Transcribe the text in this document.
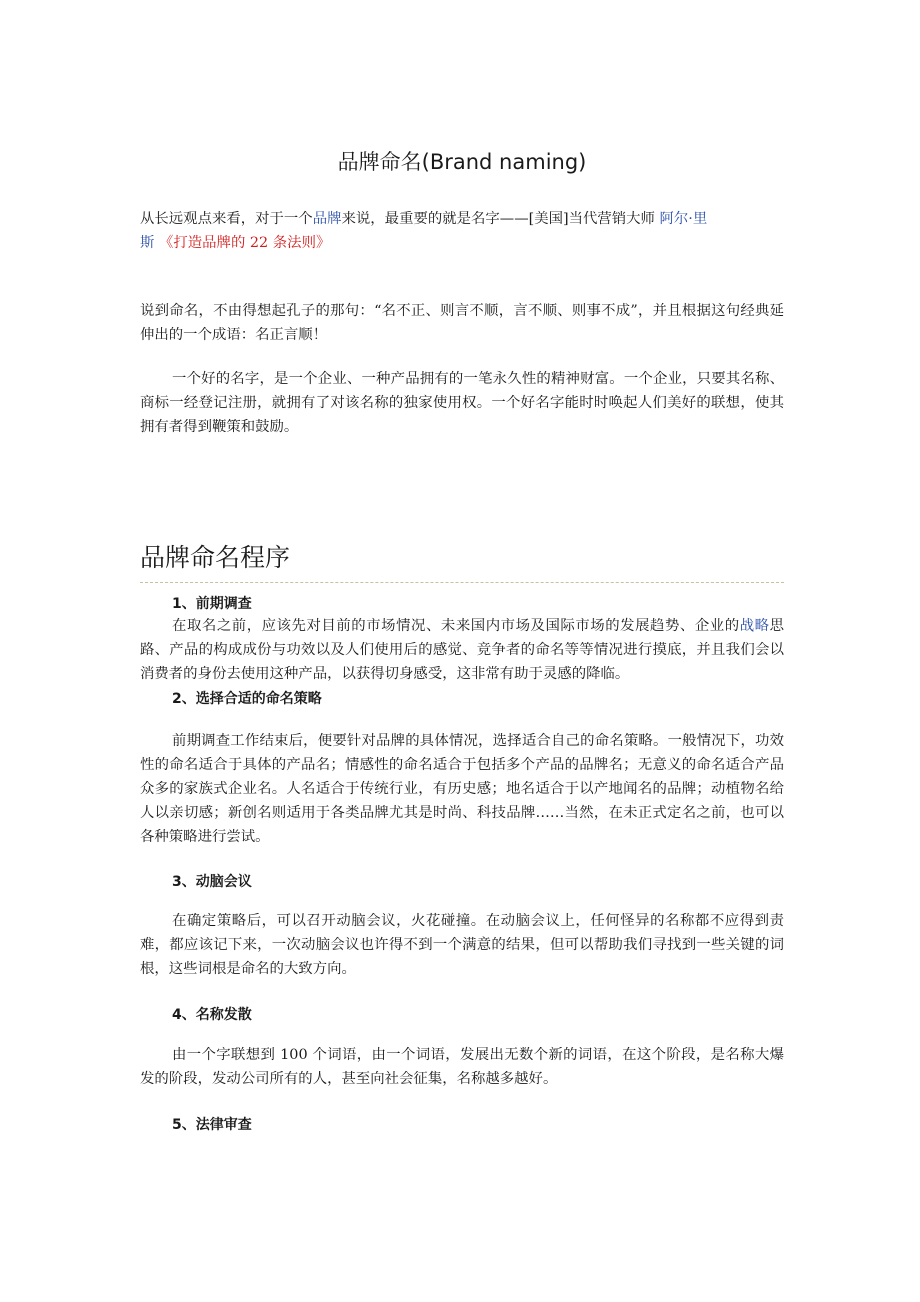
品牌命名(Brand naming)

从长远观点来看，对于一个品牌来说，最重要的就是名字——[美国]当代营销大师 阿尔·里
斯 《打造品牌的 22 条法则》

说到命名，不由得想起孔子的那句：“名不正、则言不顺，言不顺、则事不成”，并且根据这句经典延伸出的一个成语：名正言顺！

一个好的名字，是一个企业、一种产品拥有的一笔永久性的精神财富。一个企业，只要其名称、商标一经登记注册，就拥有了对该名称的独家使用权。一个好名字能时时唤起人们美好的联想，使其拥有者得到鞭策和鼓励。

品牌命名程序
1、前期调查

在取名之前，应该先对目前的市场情况、未来国内市场及国际市场的发展趋势、企业的战略思路、产品的构成成份与功效以及人们使用后的感觉、竞争者的命名等等情况进行摸底，并且我们会以消费者的身份去使用这种产品，以获得切身感受，这非常有助于灵感的降临。

2、选择合适的命名策略

前期调查工作结束后，便要针对品牌的具体情况，选择适合自己的命名策略。一般情况下，功效性的命名适合于具体的产品名；情感性的命名适合于包括多个产品的品牌名；无意义的命名适合产品众多的家族式企业名。人名适合于传统行业，有历史感；地名适合于以产地闻名的品牌；动植物名给人以亲切感；新创名则适用于各类品牌尤其是时尚、科技品牌……当然，在未正式定名之前，也可以各种策略进行尝试。

3、动脑会议

在确定策略后，可以召开动脑会议，火花碰撞。在动脑会议上，任何怪异的名称都不应得到责难，都应该记下来，一次动脑会议也许得不到一个满意的结果，但可以帮助我们寻找到一些关键的词根，这些词根是命名的大致方向。

4、名称发散

由一个字联想到 100 个词语，由一个词语，发展出无数个新的词语，在这个阶段，是名称大爆发的阶段，发动公司所有的人，甚至向社会征集，名称越多越好。

5、法律审查
